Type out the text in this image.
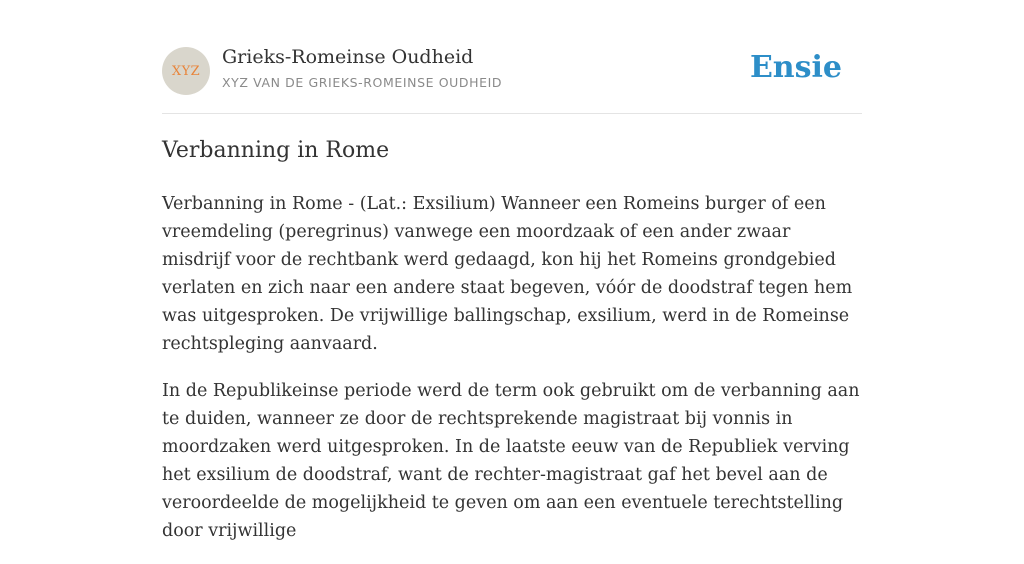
XYZ
Grieks-Romeinse Oudheid
XYZ VAN DE GRIEKS-ROMEINSE OUDHEID	Ensie
Verbanning in Rome

Verbanning in Rome - (Lat.: Exsilium) Wanneer een Romeins burger of een vreemdeling (peregrinus) vanwege een moordzaak of een ander zwaar misdrijf voor de rechtbank werd gedaagd, kon hij het Romeins grondgebied verlaten en zich naar een andere staat begeven, vóór de doodstraf tegen hem was uitgesproken. De vrijwillige ballingschap, exsilium, werd in de Romeinse rechtspleging aanvaard.

In de Republikeinse periode werd de term ook gebruikt om de verbanning aan te duiden, wanneer ze door de rechtsprekende magistraat bij vonnis in moordzaken werd uitgesproken. In de laatste eeuw van de Republiek verving het exsilium de doodstraf, want de rechter-magistraat gaf het bevel aan de veroordeelde de mogelijkheid te geven om aan een eventuele terechtstelling door vrijwillige
